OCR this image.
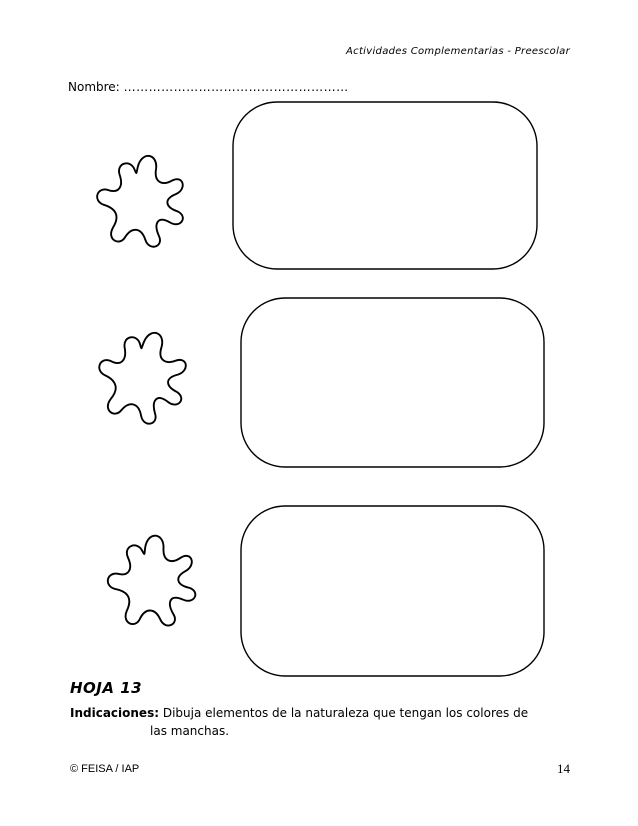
Actividades Complementarias - Preescolar
Nombre: ………………………………………………
HOJA 13
Indicaciones: Dibuja elementos de la naturaleza que tengan los colores de
las manchas.
© FEISA / IAP	14
